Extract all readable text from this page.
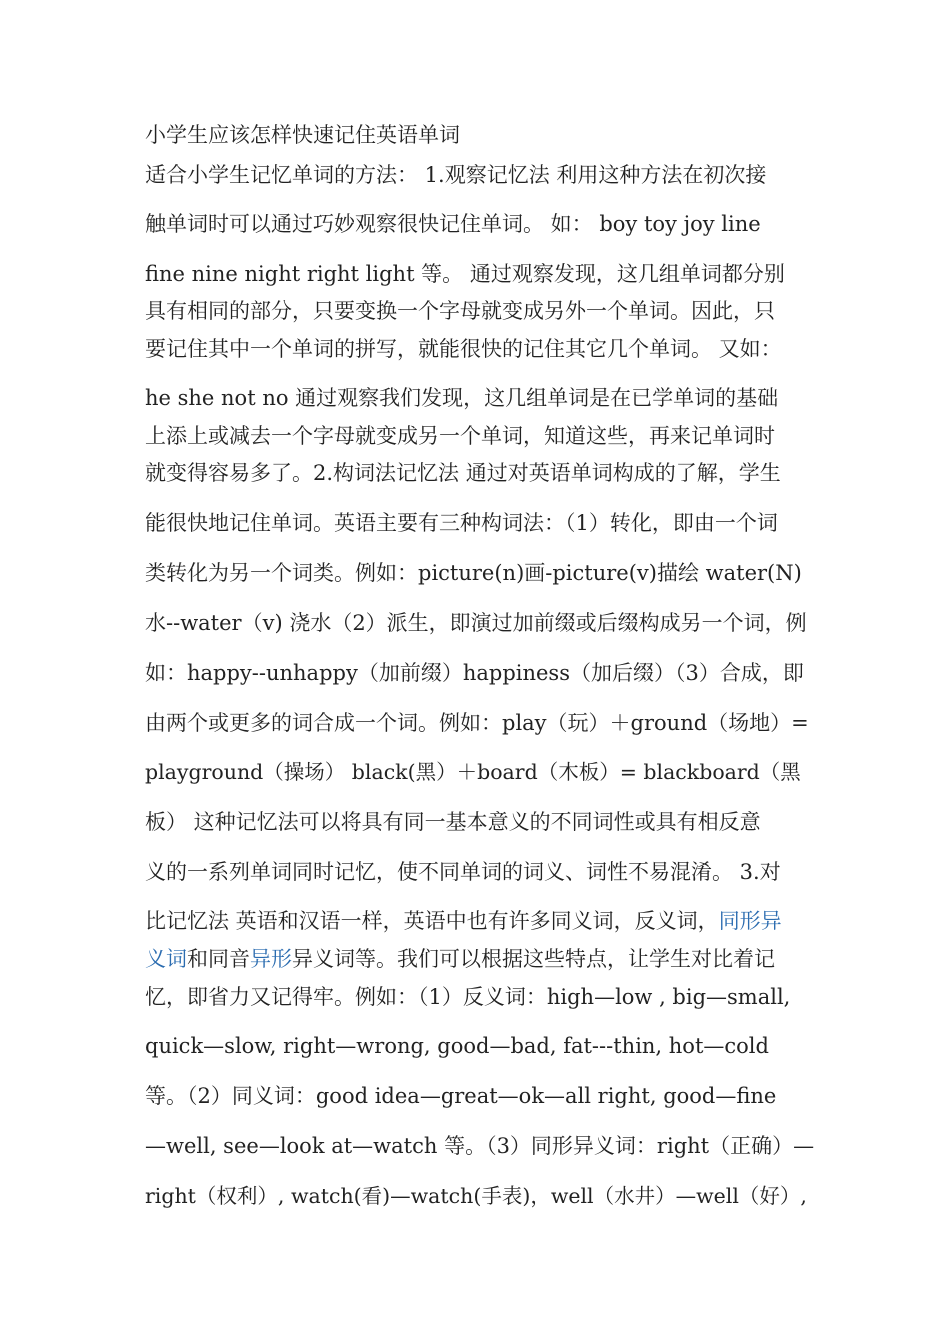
小学生应该怎样快速记住英语单词
适合小学生记忆单词的方法： 1.观察记忆法 利用这种方法在初次接
触单词时可以通过巧妙观察很快记住单词。 如： boy toy joy line
fine nine night right light 等。 通过观察发现，这几组单词都分别
具有相同的部分，只要变换一个字母就变成另外一个单词。因此，只
要记住其中一个单词的拼写，就能很快的记住其它几个单词。 又如：
he she not no 通过观察我们发现，这几组单词是在已学单词的基础
上添上或减去一个字母就变成另一个单词，知道这些，再来记单词时
就变得容易多了。2.构词法记忆法 通过对英语单词构成的了解，学生
能很快地记住单词。英语主要有三种构词法：（1）转化，即由一个词
类转化为另一个词类。例如：picture(n)画-picture(v)描绘 water(N)
水--water（v) 浇水（2）派生，即演过加前缀或后缀构成另一个词，例
如：happy--unhappy（加前缀）happiness（加后缀）（3）合成，即
由两个或更多的词合成一个词。例如：play（玩）＋ground（场地）=
playground（操场） black(黑）＋board（木板）= blackboard（黑
板） 这种记忆法可以将具有同一基本意义的不同词性或具有相反意
义的一系列单词同时记忆，使不同单词的词义、词性不易混淆。 3.对
比记忆法 英语和汉语一样，英语中也有许多同义词，反义词，同形异
义词和同音异形异义词等。我们可以根据这些特点，让学生对比着记
忆，即省力又记得牢。例如：（1）反义词：high—low , big—small,
quick—slow, right—wrong, good—bad, fat---thin, hot—cold
等。（2）同义词：good idea—great—ok—all right, good—fine
—well, see—look at—watch 等。（3）同形异义词：right（正确）—
right（权利）, watch(看)—watch(手表)，well（水井）—well（好）,
